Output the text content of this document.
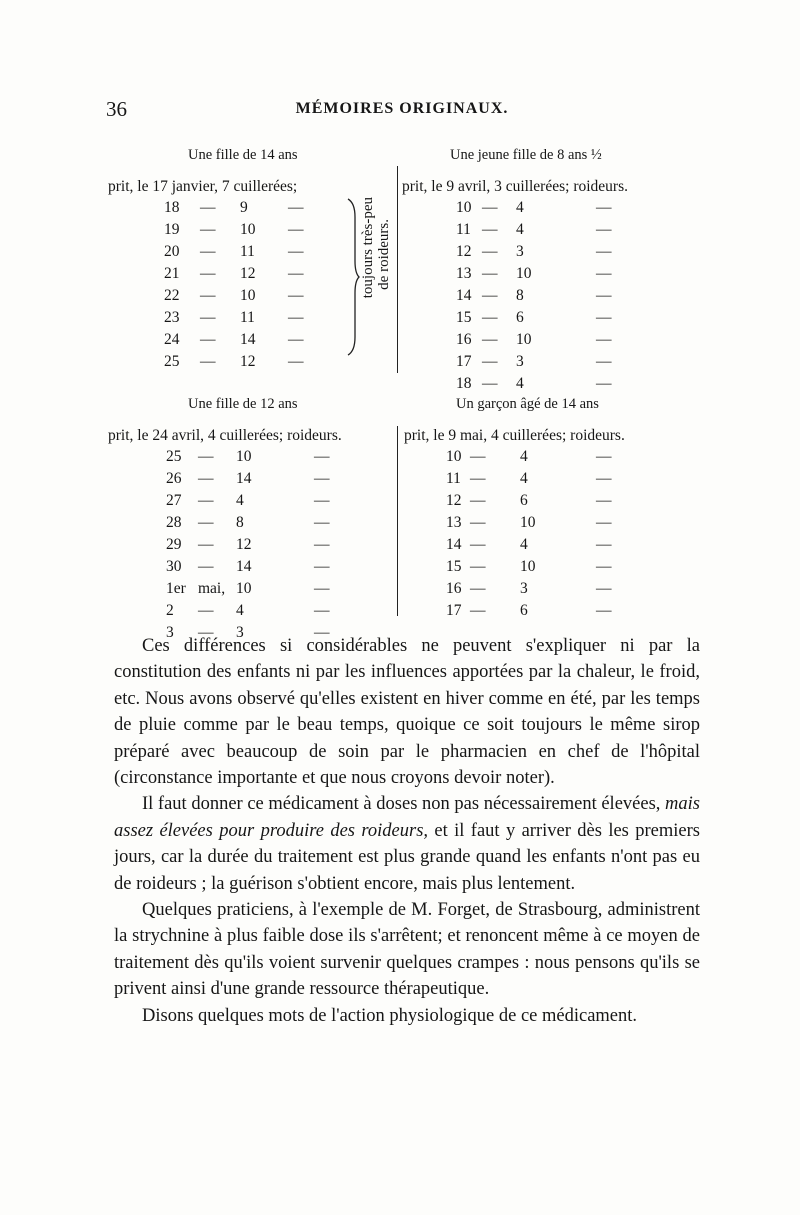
36	MÉMOIRES ORIGINAUX.
Une fille de 14 ans
prit, le 17 janvier, 7 cuillerées;
18 — 9	—
19 — 10 —
20 — 11 —
21 — 12 —
22 — 10 —
23 — 11 —
24 — 14 —
25 — 12 —
toujours très-peu de roideurs.
Une jeune fille de 8 ans ½
prit, le 9 avril, 3 cuillerées; roideurs.
10 — 4	—
11 — 4	—
12 — 3	—
13 — 10	—
14 — 8	—
15 — 6	—
16 — 10	—
17 — 3	—
18 — 4	—
Une fille de 12 ans
prit, le 24 avril, 4 cuillerées; roideurs.
25 — 10	—
26 — 14	—
27 — 4	—
28 — 8	—
29 — 12	—
30 — 14	—
1er mai, 10	—
2 — 4	—
3 — 3	—
Un garçon âgé de 14 ans
prit, le 9 mai, 4 cuillerées; roideurs.
10 — 4	—
11 — 4	—
12 — 6	—
13 — 10	—
14 — 4	—
15 — 10	—
16 — 3	—
17 — 6	—

Ces différences si considérables ne peuvent s'expliquer ni par la constitution des enfants ni par les influences apportées par la chaleur, le froid, etc. Nous avons observé qu'elles existent en hiver comme en été, par les temps de pluie comme par le beau temps, quoique ce soit toujours le même sirop préparé avec beaucoup de soin par le pharmacien en chef de l'hôpital (circonstance importante et que nous croyons devoir noter).

Il faut donner ce médicament à doses non pas nécessairement élevées, mais assez élevées pour produire des roideurs, et il faut y arriver dès les premiers jours, car la durée du traitement est plus grande quand les enfants n'ont pas eu de roideurs ; la guérison s'obtient encore, mais plus lentement.

Quelques praticiens, à l'exemple de M. Forget, de Strasbourg, administrent la strychnine à plus faible dose ils s'arrêtent; et renoncent même à ce moyen de traitement dès qu'ils voient survenir quelques crampes : nous pensons qu'ils se privent ainsi d'une grande ressource thérapeutique.

Disons quelques mots de l'action physiologique de ce médicament.
